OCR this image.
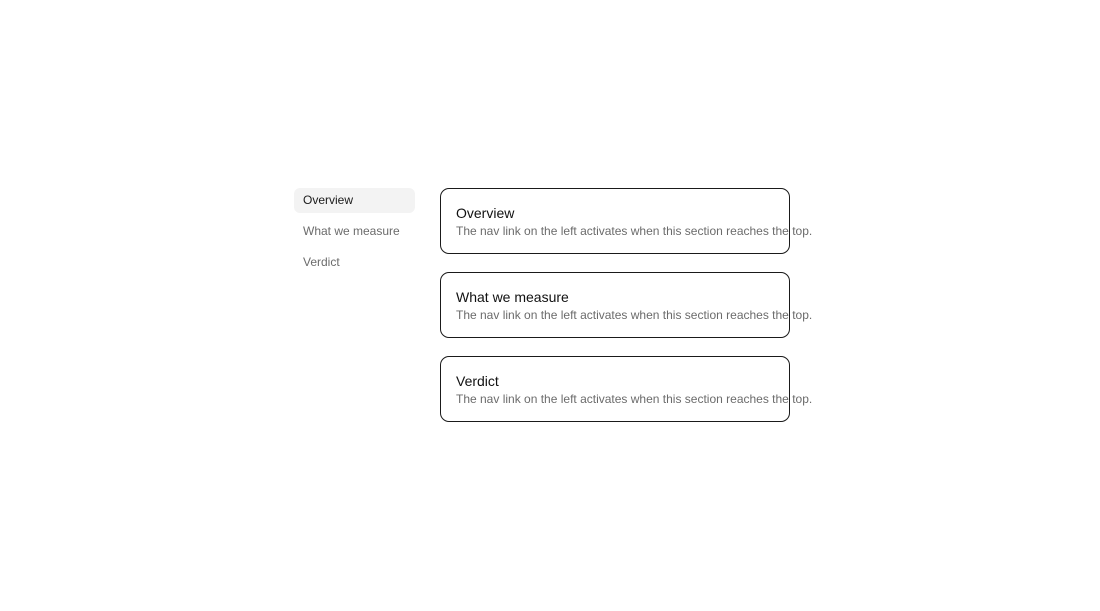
Overview
What we measure
Verdict
Overview

The nav link on the left activates when this section reaches the top.

What we measure

The nav link on the left activates when this section reaches the top.

Verdict

The nav link on the left activates when this section reaches the top.
